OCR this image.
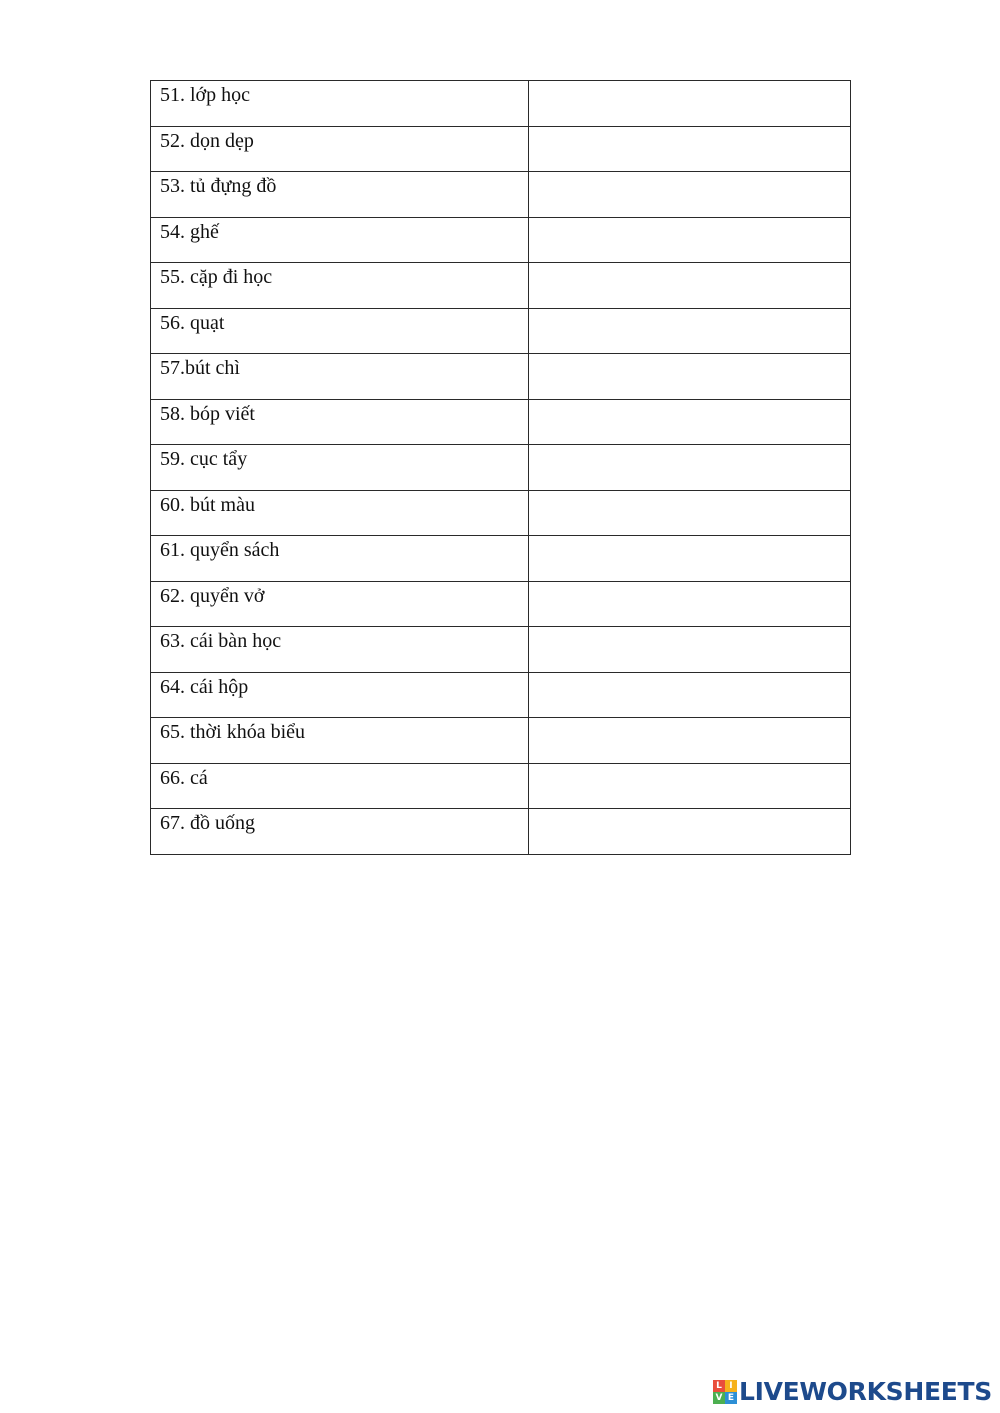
51. lớp học

52. dọn dẹp

53. tủ đựng đồ

54. ghế

55. cặp đi học

56. quạt

57.bút chì

58. bóp viết

59. cục tẩy

60. bút màu

61. quyển sách

62. quyển vở

63. cái bàn học

64. cái hộp

65. thời khóa biểu

66. cá

67. đồ uống

L I
V E LIVEWORKSHEETS
